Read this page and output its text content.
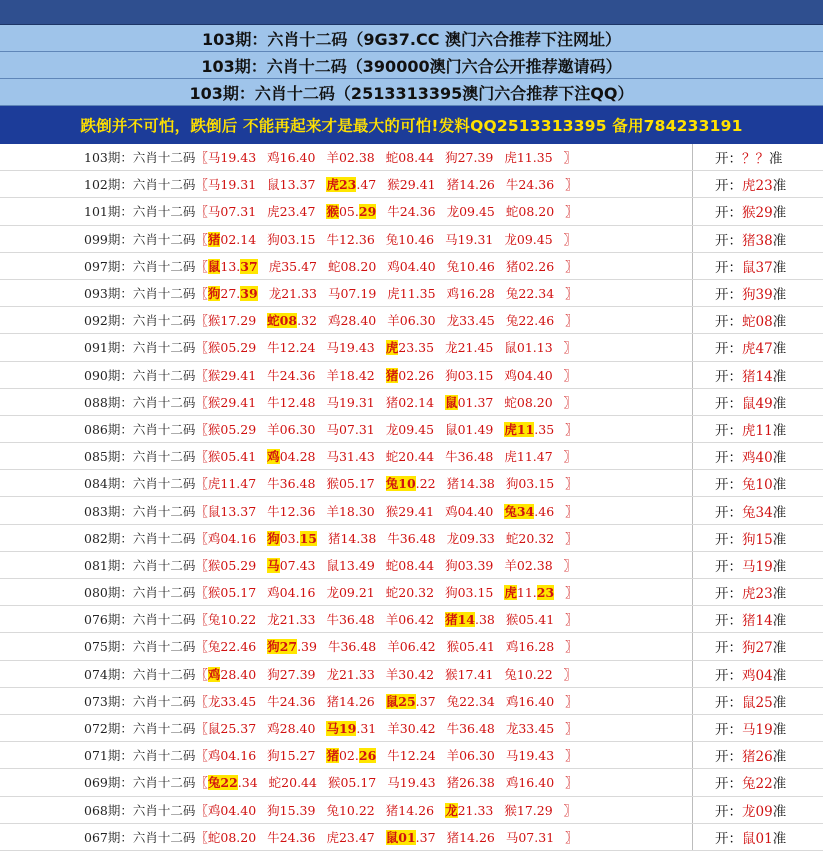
103期：六肖十二码（9G37.CC 澳门六合推荐下注网址）
103期：六肖十二码（390000澳门六合公开推荐邀请码）
103期：六肖十二码（2513313395澳门六合推荐下注QQ）
跌倒并不可怕，跌倒后 不能再起来才是最大的可怕!发料QQ2513313395 备用784233191
103期：六肖十二码 〖 马19.43 鸡16.40 羊02.38 蛇08.44 狗27.39 虎11.35 〗	开： ？？ 准
102期：六肖十二码 〖 马19.31 鼠13.37 虎23.47 猴29.41 猪14.26 牛24.36 〗	开： 虎23 准
101期：六肖十二码 〖 马07.31 虎23.47 猴05.29 牛24.36 龙09.45 蛇08.20 〗	开： 猴29 准
099期：六肖十二码 〖 猪02.14 狗03.15 牛12.36 兔10.46 马19.31 龙09.45 〗	开： 猪38 准
097期：六肖十二码 〖 鼠13.37 虎35.47 蛇08.20 鸡04.40 兔10.46 猪02.26 〗	开： 鼠37 准
093期：六肖十二码 〖 狗27.39 龙21.33 马07.19 虎11.35 鸡16.28 兔22.34 〗	开： 狗39 准
092期：六肖十二码 〖 猴17.29 蛇08.32 鸡28.40 羊06.30 龙33.45 兔22.46 〗	开： 蛇08 准
091期：六肖十二码 〖 猴05.29 牛12.24 马19.43 虎23.35 龙21.45 鼠01.13 〗	开： 虎47 准
090期：六肖十二码 〖 猴29.41 牛24.36 羊18.42 猪02.26 狗03.15 鸡04.40 〗	开： 猪14 准
088期：六肖十二码 〖 猴29.41 牛12.48 马19.31 猪02.14 鼠01.37 蛇08.20 〗	开： 鼠49 准
086期：六肖十二码 〖 猴05.29 羊06.30 马07.31 龙09.45 鼠01.49 虎11.35 〗	开： 虎11 准
085期：六肖十二码 〖 猴05.41 鸡04.28 马31.43 蛇20.44 牛36.48 虎11.47 〗	开： 鸡40 准
084期：六肖十二码 〖 虎11.47 牛36.48 猴05.17 兔10.22 猪14.38 狗03.15 〗	开： 兔10 准
083期：六肖十二码 〖 鼠13.37 牛12.36 羊18.30 猴29.41 鸡04.40 兔34.46 〗	开： 兔34 准
082期：六肖十二码 〖 鸡04.16 狗03.15 猪14.38 牛36.48 龙09.33 蛇20.32 〗	开： 狗15 准
081期：六肖十二码 〖 猴05.29 马07.43 鼠13.49 蛇08.44 狗03.39 羊02.38 〗	开： 马19 准
080期：六肖十二码 〖 猴05.17 鸡04.16 龙09.21 蛇20.32 狗03.15 虎11.23 〗	开： 虎23 准
076期：六肖十二码 〖 兔10.22 龙21.33 牛36.48 羊06.42 猪14.38 猴05.41 〗	开： 猪14 准
075期：六肖十二码 〖 兔22.46 狗27.39 牛36.48 羊06.42 猴05.41 鸡16.28 〗	开： 狗27 准
074期：六肖十二码 〖 鸡28.40 狗27.39 龙21.33 羊30.42 猴17.41 兔10.22 〗	开： 鸡04 准
073期：六肖十二码 〖 龙33.45 牛24.36 猪14.26 鼠25.37 兔22.34 鸡16.40 〗	开： 鼠25 准
072期：六肖十二码 〖 鼠25.37 鸡28.40 马19.31 羊30.42 牛36.48 龙33.45 〗	开： 马19 准
071期：六肖十二码 〖 鸡04.16 狗15.27 猪02.26 牛12.24 羊06.30 马19.43 〗	开： 猪26 准
069期：六肖十二码 〖 兔22.34 蛇20.44 猴05.17 马19.43 猪26.38 鸡16.40 〗	开： 兔22 准
068期：六肖十二码 〖 鸡04.40 狗15.39 兔10.22 猪14.26 龙21.33 猴17.29 〗	开： 龙09 准
067期：六肖十二码 〖 蛇08.20 牛24.36 虎23.47 鼠01.37 猪14.26 马07.31 〗	开： 鼠01 准
